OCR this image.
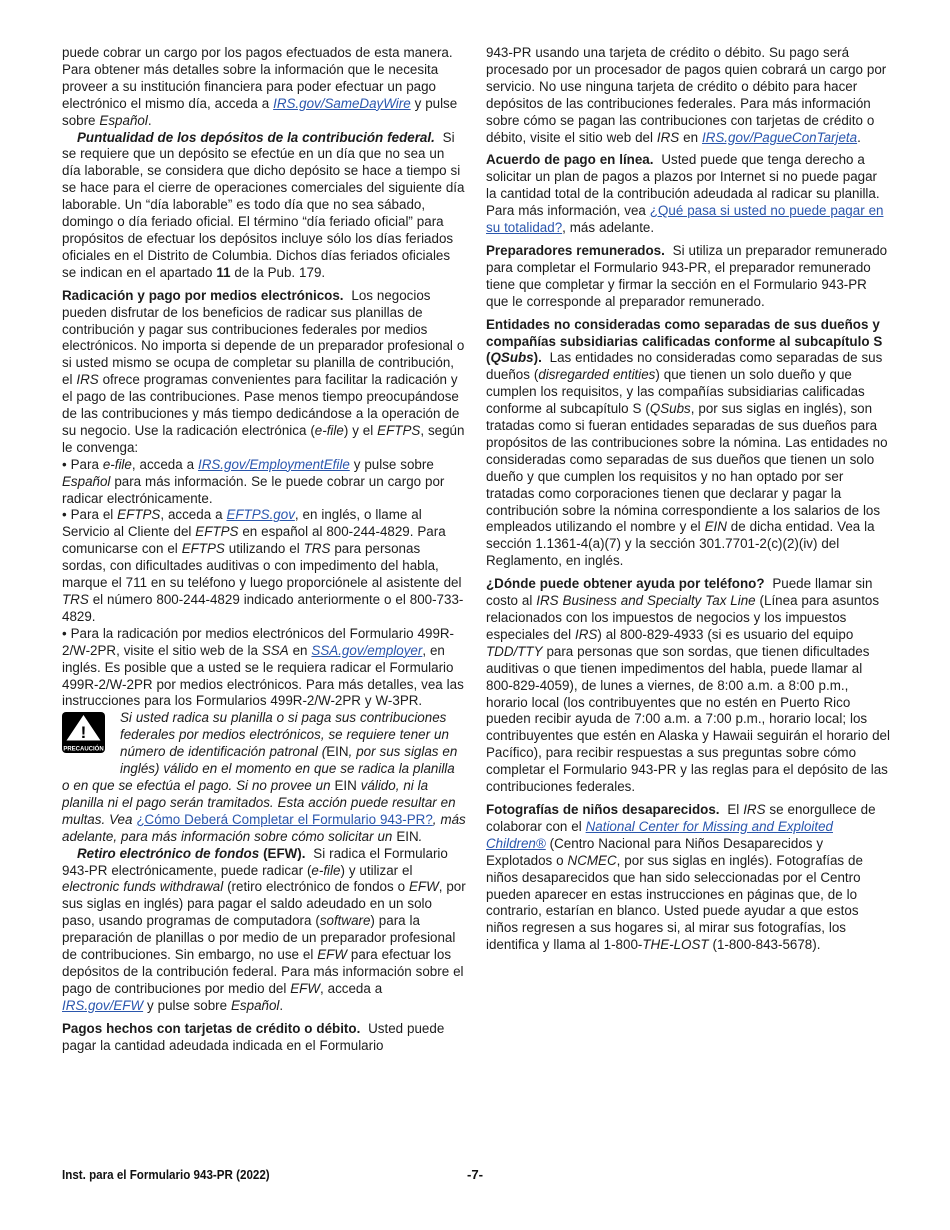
puede cobrar un cargo por los pagos efectuados de esta manera. Para obtener más detalles sobre la información que le necesita proveer a su institución financiera para poder efectuar un pago electrónico el mismo día, acceda a IRS.gov/SameDayWire y pulse sobre Español.

Puntualidad de los depósitos de la contribución federal.  Si se requiere que un depósito se efectúe en un día que no sea un día laborable, se considera que dicho depósito se hace a tiempo si se hace para el cierre de operaciones comerciales del siguiente día laborable. Un “día laborable” es todo día que no sea sábado, domingo o día feriado oficial. El término “día feriado oficial” para propósitos de efectuar los depósitos incluye sólo los días feriados oficiales en el Distrito de Columbia. Dichos días feriados oficiales se indican en el apartado 11 de la Pub. 179.

Radicación y pago por medios electrónicos.  Los negocios pueden disfrutar de los beneficios de radicar sus planillas de contribución y pagar sus contribuciones federales por medios electrónicos. No importa si depende de un preparador profesional o si usted mismo se ocupa de completar su planilla de contribución, el IRS ofrece programas convenientes para facilitar la radicación y el pago de las contribuciones. Pase menos tiempo preocupándose de las contribuciones y más tiempo dedicándose a la operación de su negocio. Use la radicación electrónica (e-file) y el EFTPS, según le convenga:

• Para e-file, acceda a IRS.gov/EmploymentEfile y pulse sobre Español para más información. Se le puede cobrar un cargo por radicar electrónicamente.

• Para el EFTPS, acceda a EFTPS.gov, en inglés, o llame al Servicio al Cliente del EFTPS en español al 800-244-4829. Para comunicarse con el EFTPS utilizando el TRS para personas sordas, con dificultades auditivas o con impedimento del habla, marque el 711 en su teléfono y luego proporciónele al asistente del TRS el número 800-244-4829 indicado anteriormente o el 800-733-4829.

• Para la radicación por medios electrónicos del Formulario 499R-2/W-2PR, visite el sitio web de la SSA en SSA.gov/employer, en inglés. Es posible que a usted se le requiera radicar el Formulario 499R-2/W-2PR por medios electrónicos. Para más detalles, vea las instrucciones para los Formularios 499R-2/W-2PR y W-3PR.

!
PRECAUCIÓN
Si usted radica su planilla o si paga sus contribuciones federales por medios electrónicos, se requiere tener un número de identificación patronal (EIN, por sus siglas en inglés) válido en el momento en que se radica la planilla o en que se efectúa el pago. Si no provee un EIN válido, ni la planilla ni el pago serán tramitados. Esta acción puede resultar en multas. Vea ¿Cómo Deberá Completar el Formulario 943-PR?, más adelante, para más información sobre cómo solicitar un EIN.

Retiro electrónico de fondos (EFW).  Si radica el Formulario 943-PR electrónicamente, puede radicar (e-file) y utilizar el electronic funds withdrawal (retiro electrónico de fondos o EFW, por sus siglas en inglés) para pagar el saldo adeudado en un solo paso, usando programas de computadora (software) para la preparación de planillas o por medio de un preparador profesional de contribuciones. Sin embargo, no use el EFW para efectuar los depósitos de la contribución federal. Para más información sobre el pago de contribuciones por medio del EFW, acceda a IRS.gov/EFW y pulse sobre Español.

Pagos hechos con tarjetas de crédito o débito.  Usted puede pagar la cantidad adeudada indicada en el Formulario

943-PR usando una tarjeta de crédito o débito. Su pago será procesado por un procesador de pagos quien cobrará un cargo por servicio. No use ninguna tarjeta de crédito o débito para hacer depósitos de las contribuciones federales. Para más información sobre cómo se pagan las contribuciones con tarjetas de crédito o débito, visite el sitio web del IRS en IRS.gov/PagueConTarjeta.

Acuerdo de pago en línea.  Usted puede que tenga derecho a solicitar un plan de pagos a plazos por Internet si no puede pagar la cantidad total de la contribución adeudada al radicar su planilla. Para más información, vea ¿Qué pasa si usted no puede pagar en su totalidad?, más adelante.

Preparadores remunerados.  Si utiliza un preparador remunerado para completar el Formulario 943-PR, el preparador remunerado tiene que completar y firmar la sección en el Formulario 943-PR que le corresponde al preparador remunerado.

Entidades no consideradas como separadas de sus dueños y compañías subsidiarias calificadas conforme al subcapítulo S (QSubs).  Las entidades no consideradas como separadas de sus dueños (disregarded entities) que tienen un solo dueño y que cumplen los requisitos, y las compañías subsidiarias calificadas conforme al subcapítulo S (QSubs, por sus siglas en inglés), son tratadas como si fueran entidades separadas de sus dueños para propósitos de las contribuciones sobre la nómina. Las entidades no consideradas como separadas de sus dueños que tienen un solo dueño y que cumplen los requisitos y no han optado por ser tratadas como corporaciones tienen que declarar y pagar la contribución sobre la nómina correspondiente a los salarios de los empleados utilizando el nombre y el EIN de dicha entidad. Vea la sección 1.1361-4(a)(7) y la sección 301.7701-2(c)(2)(iv) del Reglamento, en inglés.

¿Dónde puede obtener ayuda por teléfono?  Puede llamar sin costo al IRS Business and Specialty Tax Line (Línea para asuntos relacionados con los impuestos de negocios y los impuestos especiales del IRS) al 800-829-4933 (si es usuario del equipo TDD/TTY para personas que son sordas, que tienen dificultades auditivas o que tienen impedimentos del habla, puede llamar al 800-829-4059), de lunes a viernes, de 8:00 a.m. a 8:00 p.m., horario local (los contribuyentes que no estén en Puerto Rico pueden recibir ayuda de 7:00 a.m. a 7:00 p.m., horario local; los contribuyentes que estén en Alaska y Hawaii seguirán el horario del Pacífico), para recibir respuestas a sus preguntas sobre cómo completar el Formulario 943-PR y las reglas para el depósito de las contribuciones federales.

Fotografías de niños desaparecidos.  El IRS se enorgullece de colaborar con el National Center for Missing and Exploited Children® (Centro Nacional para Niños Desaparecidos y Explotados o NCMEC, por sus siglas en inglés). Fotografías de niños desaparecidos que han sido seleccionadas por el Centro pueden aparecer en estas instrucciones en páginas que, de lo contrario, estarían en blanco. Usted puede ayudar a que estos niños regresen a sus hogares si, al mirar sus fotografías, los identifica y llama al 1-800-THE-LOST (1-800-843-5678).

Inst. para el Formulario 943-PR (2022)	-7-
